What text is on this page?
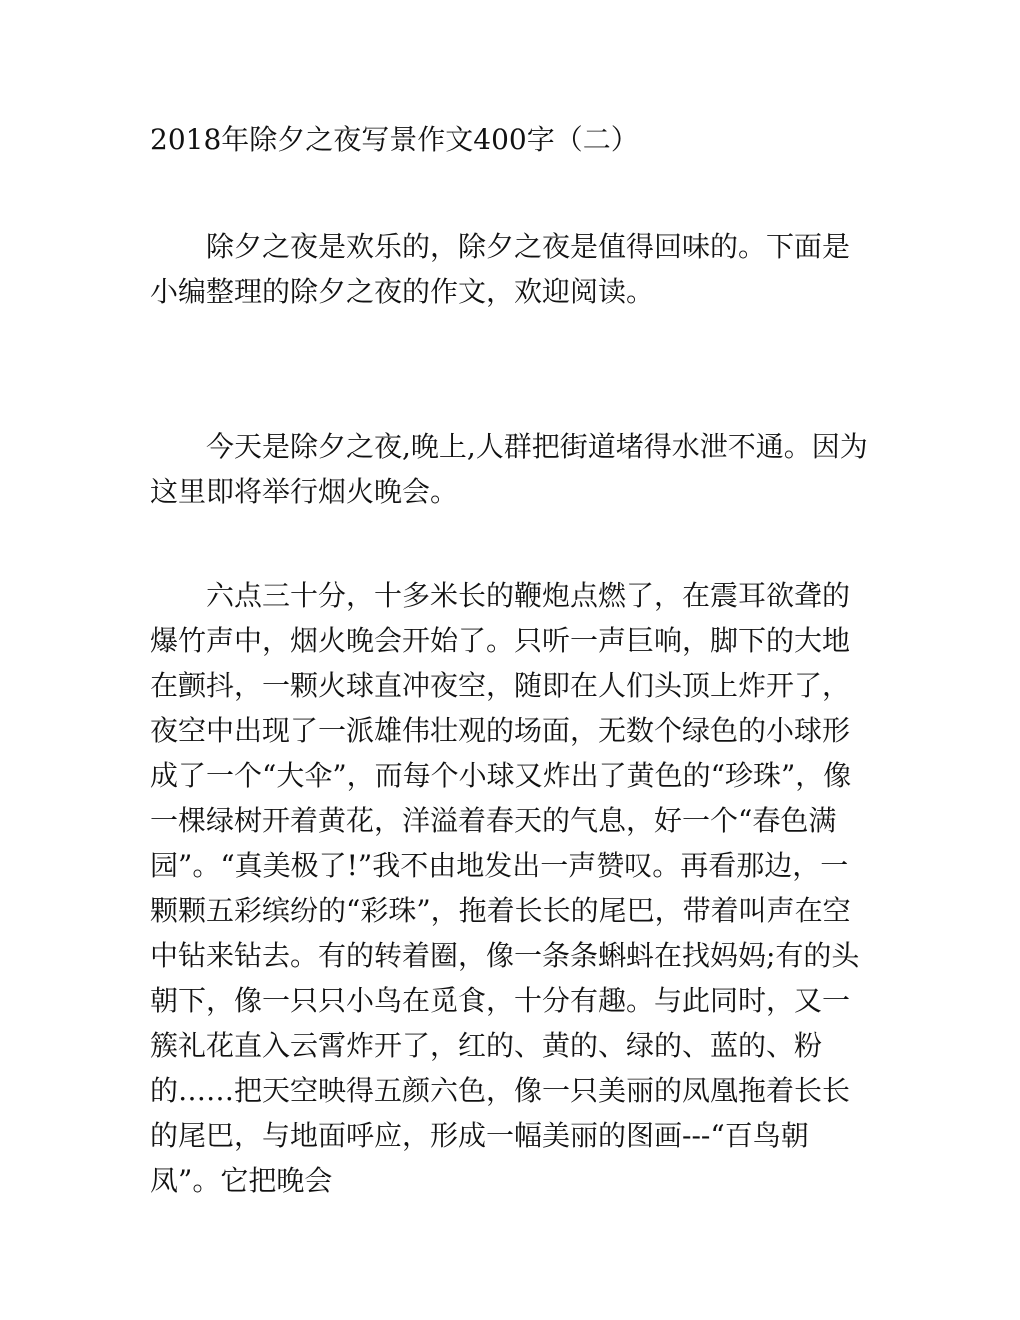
2018年除夕之夜写景作文400字（二）

除夕之夜是欢乐的，除夕之夜是值得回味的。下面是小编整理的除夕之夜的作文，欢迎阅读。

今天是除夕之夜,晚上,人群把街道堵得水泄不通。因为这里即将举行烟火晚会。

六点三十分，十多米长的鞭炮点燃了，在震耳欲聋的爆竹声中，烟火晚会开始了。只听一声巨响，脚下的大地在颤抖，一颗火球直冲夜空，随即在人们头顶上炸开了，夜空中出现了一派雄伟壮观的场面，无数个绿色的小球形成了一个“大伞”，而每个小球又炸出了黄色的“珍珠”，像一棵绿树开着黄花，洋溢着春天的气息，好一个“春色满园”。“真美极了!”我不由地发出一声赞叹。再看那边，一颗颗五彩缤纷的“彩珠”，拖着长长的尾巴，带着叫声在空中钻来钻去。有的转着圈，像一条条蝌蚪在找妈妈;有的头朝下，像一只只小鸟在觅食，十分有趣。与此同时，又一簇礼花直入云霄炸开了，红的、黄的、绿的、蓝的、粉的……把天空映得五颜六色，像一只美丽的凤凰拖着长长的尾巴，与地面呼应，形成一幅美丽的图画---“百鸟朝凤”。它把晚会
